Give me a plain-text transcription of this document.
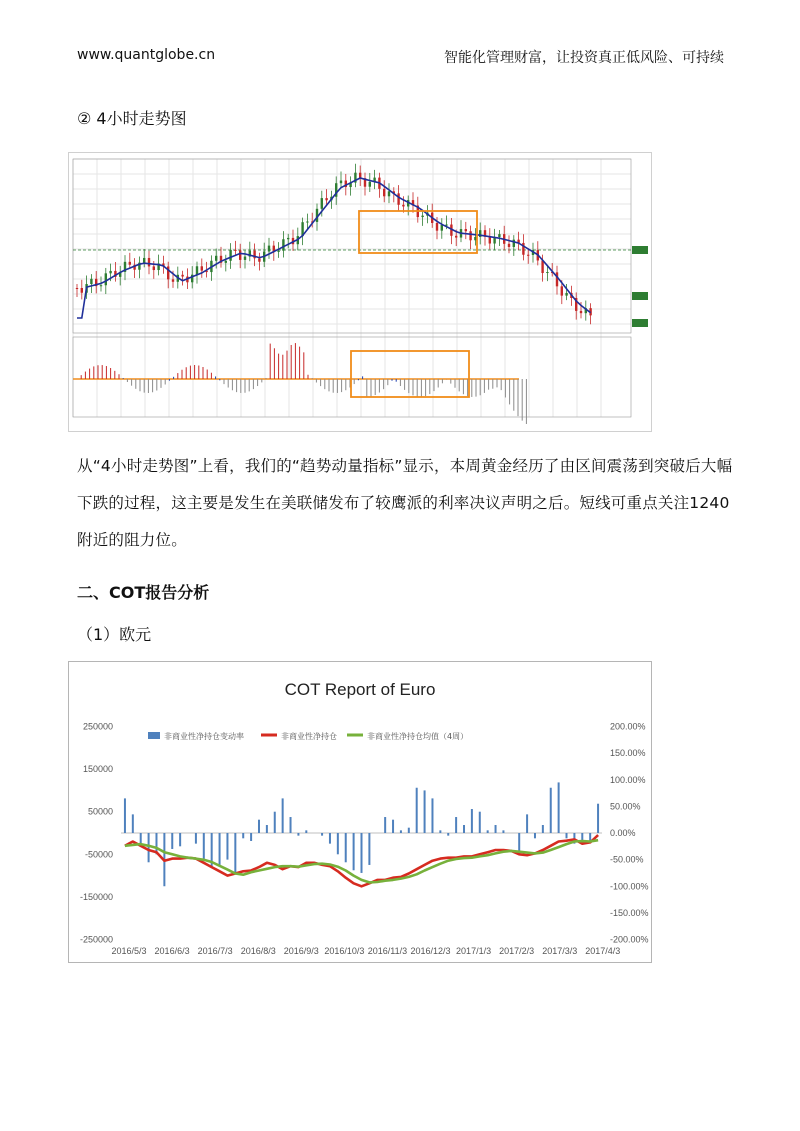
www.quantglobe.cn	智能化管理财富，让投资真正低风险、可持续
② 4小时走势图
从“4小时走势图”上看，我们的“趋势动量指标”显示，本周黄金经历了由区间震荡到突破后大幅下跌的过程，这主要是发生在美联储发布了较鹰派的利率决议声明之后。短线可重点关注1240附近的阻力位。
二、COT报告分析
（1）欧元
COT Report of Euro
非商业性净持仓变动率	非商业性净持仓	非商业性净持仓均值（4周）
250000
150000
50000
-50000
-150000
-250000
200.00%
150.00%
100.00%
50.00%
0.00%
-50.00%
-100.00%
-150.00%
-200.00%
2016/5/3 2016/6/3 2016/7/3 2016/8/3 2016/9/3 2016/10/3 2016/11/3 2016/12/3 2017/1/3 2017/2/3 2017/3/3 2017/4/3
